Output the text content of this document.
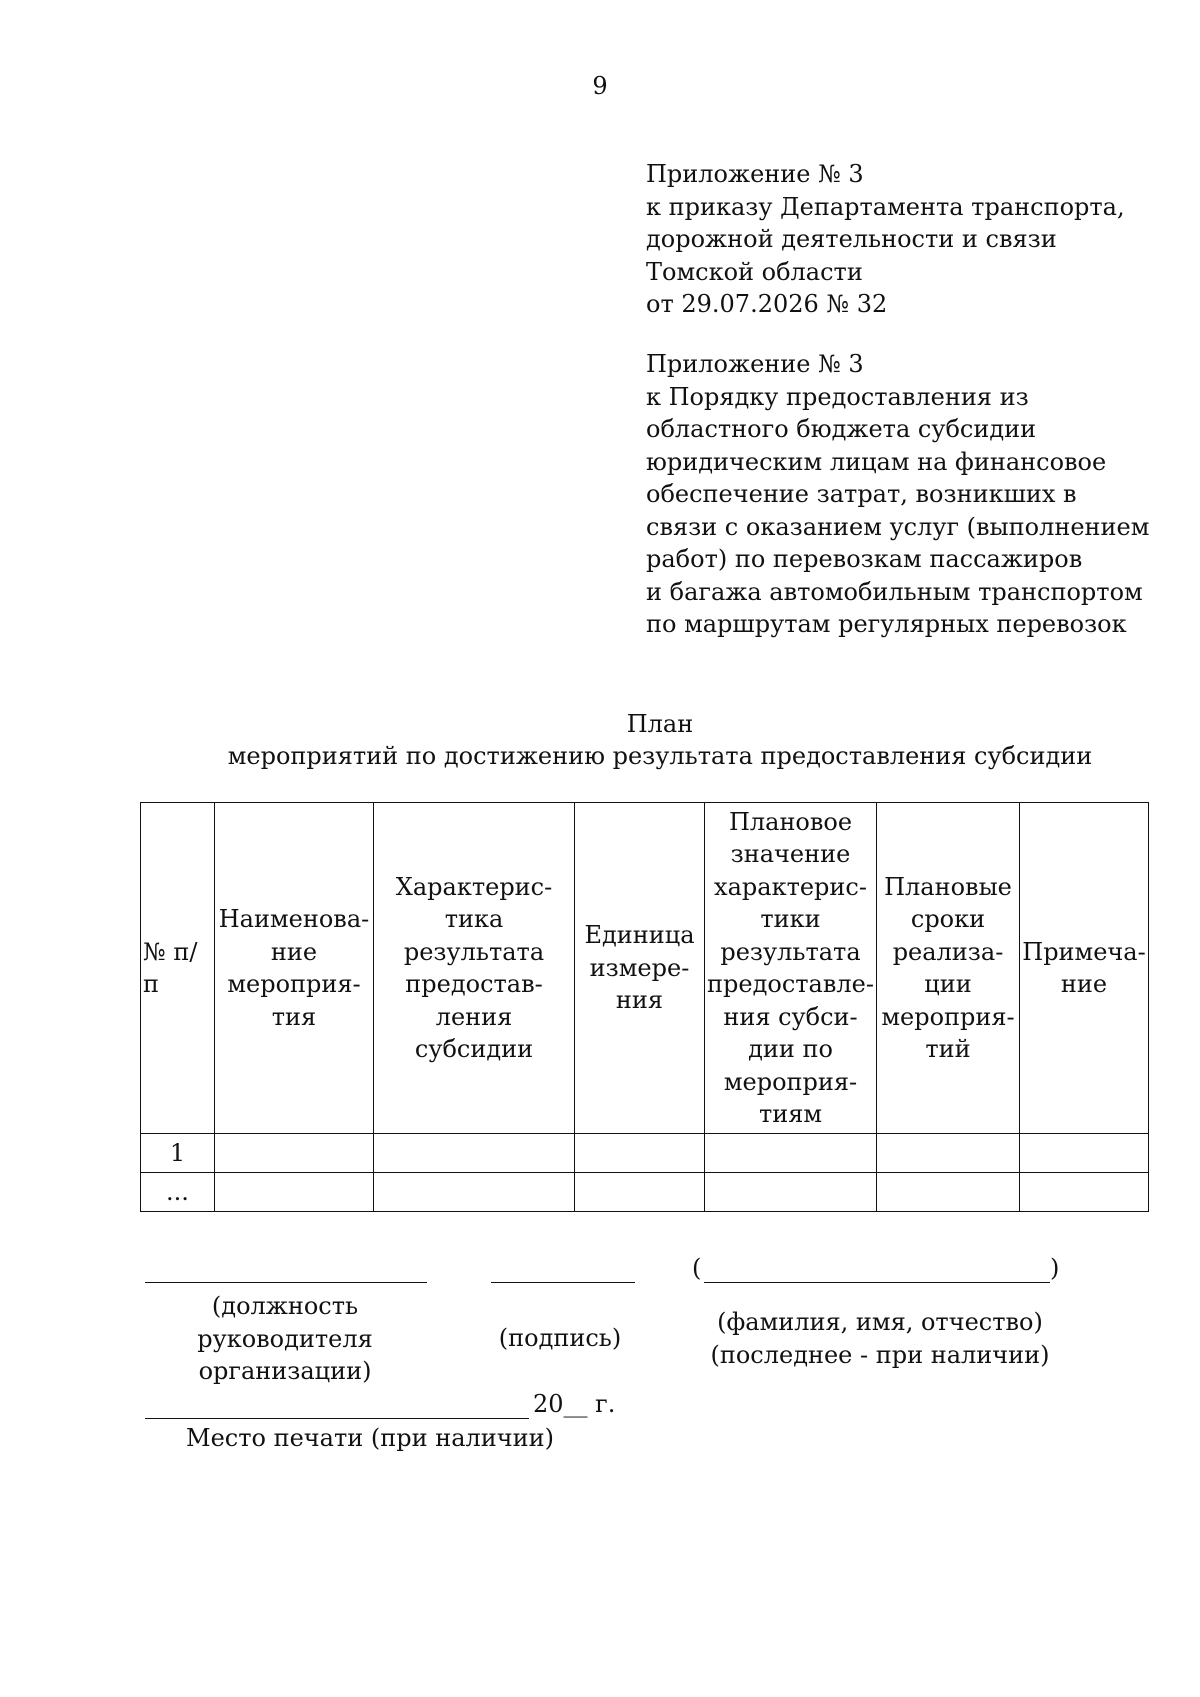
9
Приложение № 3
к приказу Департамента транспорта,
дорожной деятельности и связи
Томской области
от 29.07.2026 № 32
Приложение № 3
к Порядку предоставления из
областного бюджета субсидии
юридическим лицам на финансовое
обеспечение затрат, возникших в
связи с оказанием услуг (выполнением
работ) по перевозкам пассажиров
и багажа автомобильным транспортом
по маршрутам регулярных перевозок
План
мероприятий по достижению результата предоставления субсидии
№ п/п	Наименова-ние мероприя-тия	Характерис-тика результата предостав-ления субсидии	Единица измере-ния	Плановое значение характерис-тики результата предоставле-ния субси-дии по мероприя-тиям	Плановые сроки реализа-ции мероприя-тий	Примеча-ние
1						
...						
(	)
(должность руководителя организации)
(подпись)
(фамилия, имя, отчество) (последнее - при наличии)
20__ г.
Место печати (при наличии)
